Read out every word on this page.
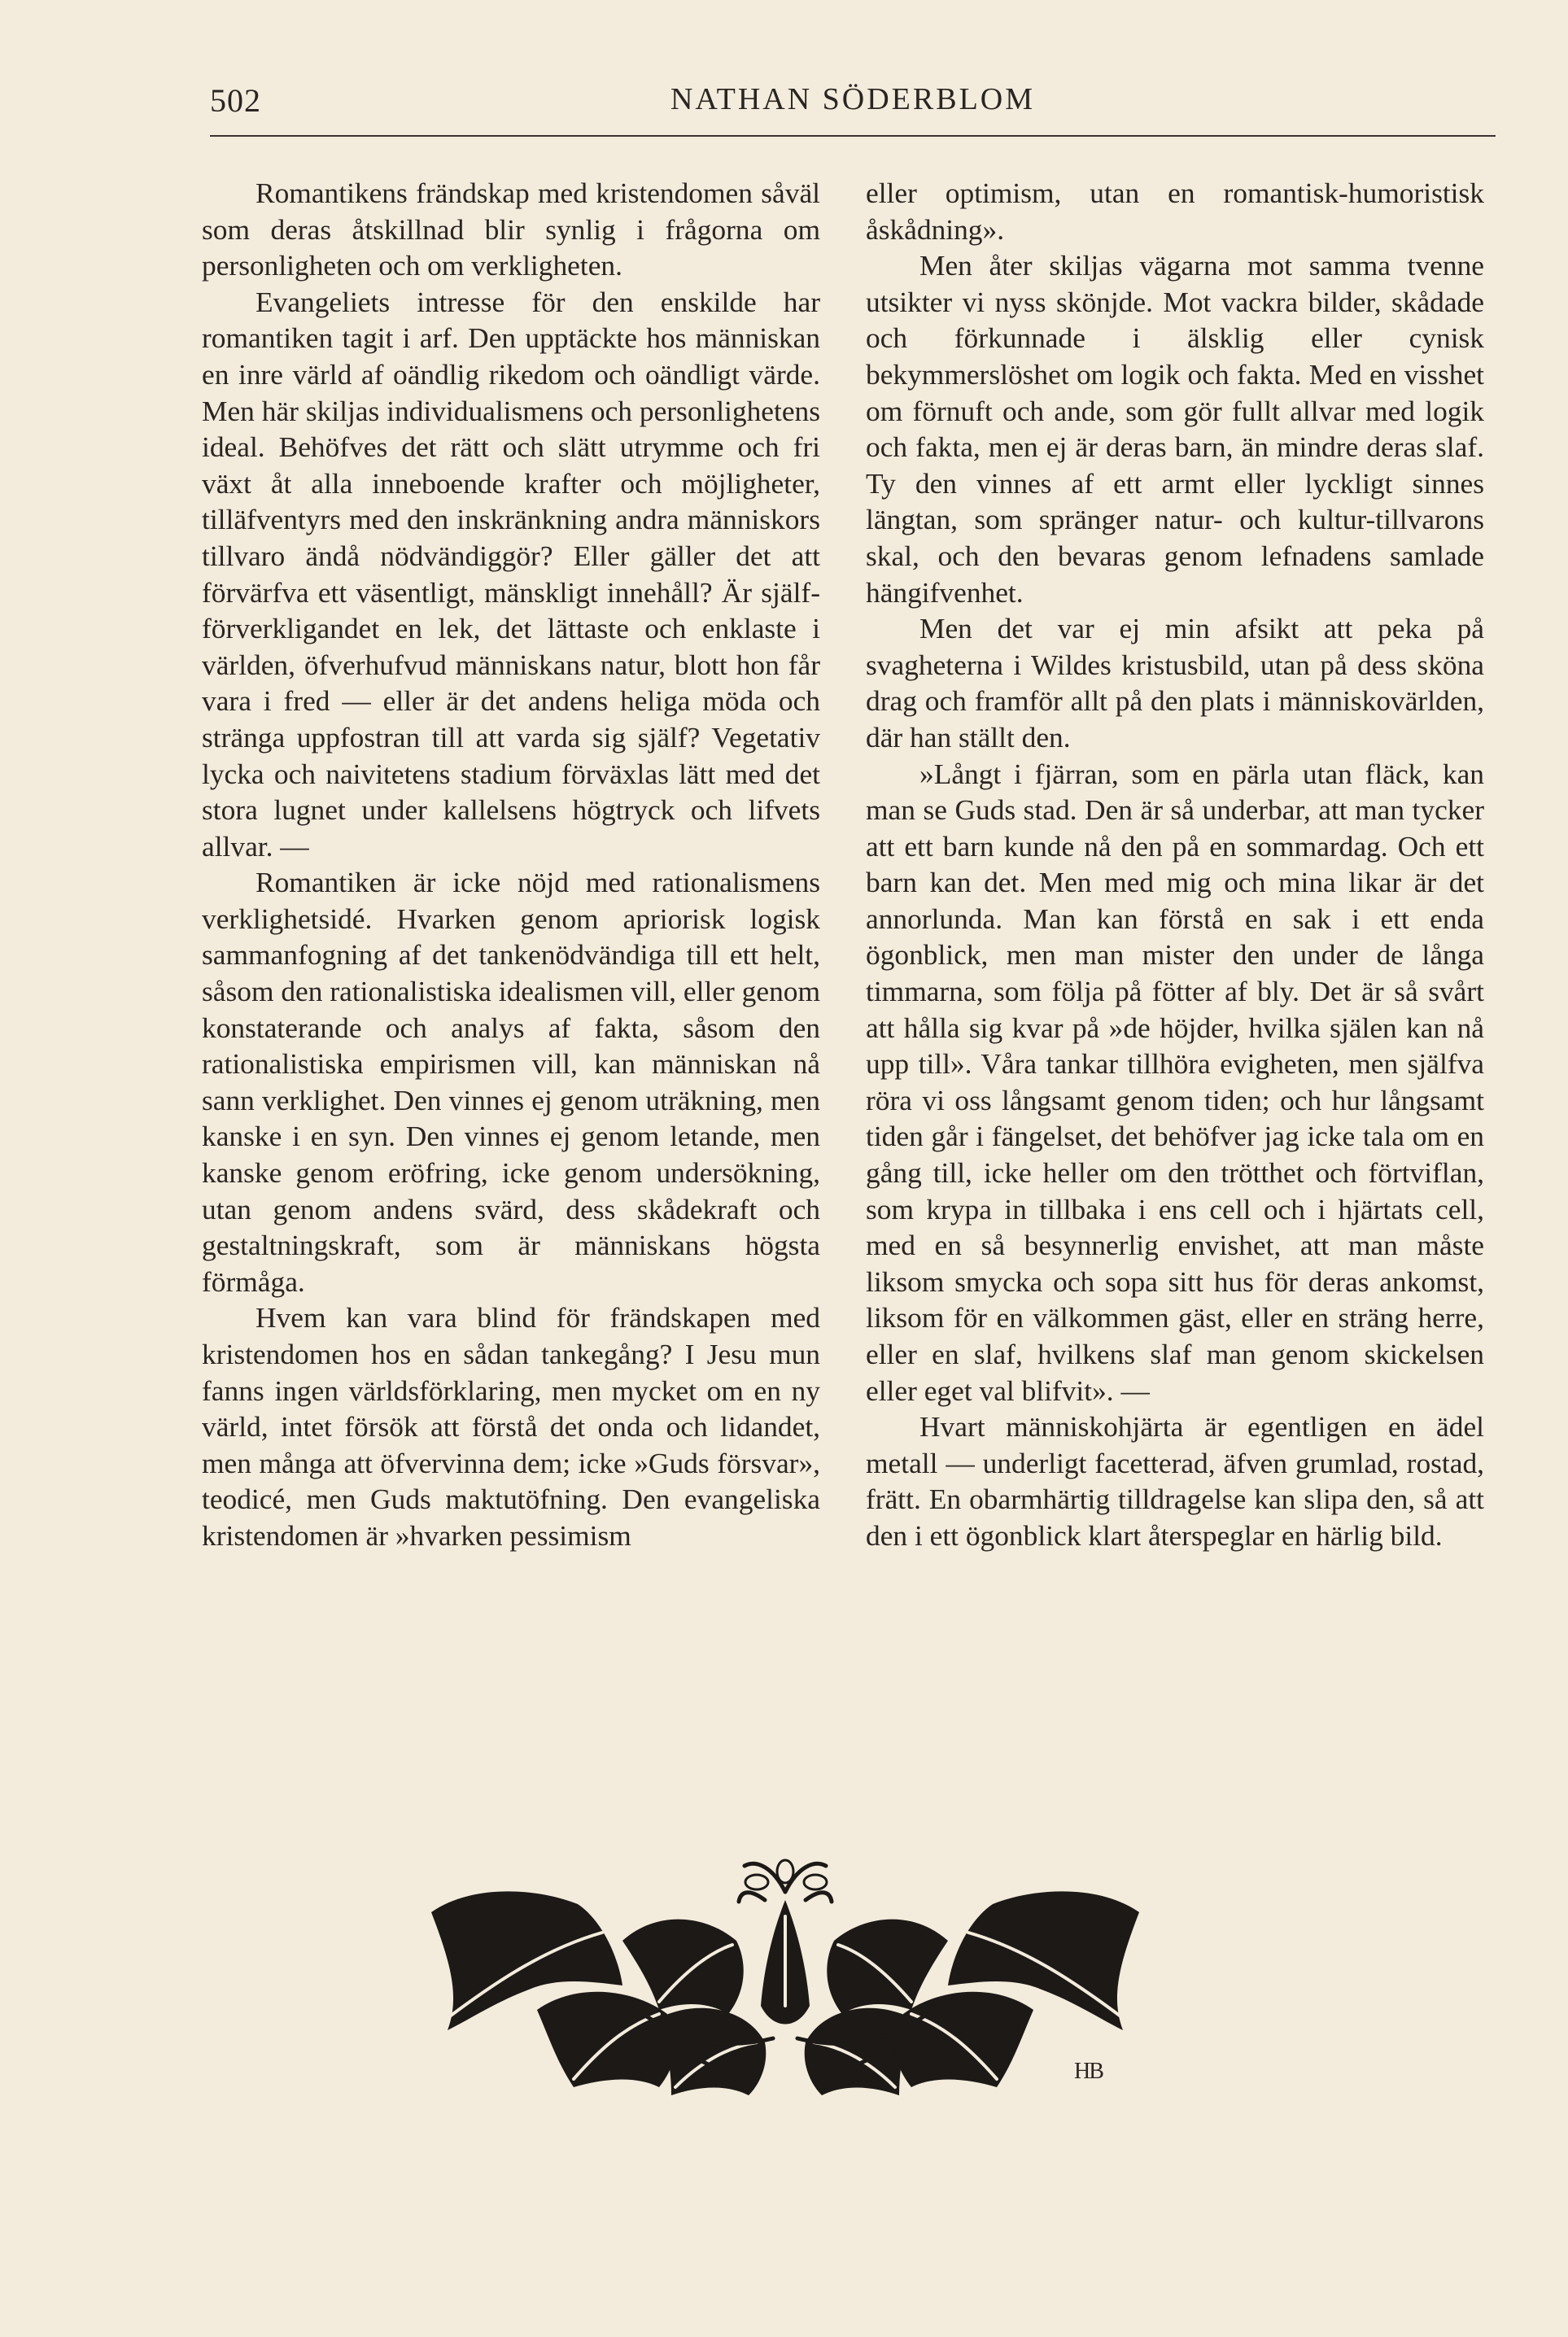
502	NATHAN SÖDERBLOM

Romantikens frändskap med kristendomen såväl som deras åtskillnad blir synlig i frågorna om personligheten och om verkligheten.

Evangeliets intresse för den enskilde har romantiken tagit i arf. Den upptäckte hos människan en inre värld af oändlig rikedom och oändligt värde. Men här skiljas individualismens och personlighetens ideal. Behöfves det rätt och slätt utrymme och fri växt åt alla inneboende krafter och möjligheter, tilläfventyrs med den inskränkning andra människors tillvaro ändå nödvändiggör? Eller gäller det att förvärfva ett väsentligt, mänskligt innehåll? Är själfförverkligandet en lek, det lättaste och enklaste i världen, öfverhufvud människans natur, blott hon får vara i fred — eller är det andens heliga möda och stränga uppfostran till att varda sig själf? Vegetativ lycka och naivitetens stadium förväxlas lätt med det stora lugnet under kallelsens högtryck och lifvets allvar. —

Romantiken är icke nöjd med rationalismens verklighetsidé. Hvarken genom apriorisk logisk sammanfogning af det tankenödvändiga till ett helt, såsom den rationalistiska idealismen vill, eller genom konstaterande och analys af fakta, såsom den rationalistiska empirismen vill, kan människan nå sann verklighet. Den vinnes ej genom uträkning, men kanske i en syn. Den vinnes ej genom letande, men kanske genom eröfring, icke genom undersökning, utan genom andens svärd, dess skådekraft och gestaltningskraft, som är människans högsta förmåga.

Hvem kan vara blind för frändskapen med kristendomen hos en sådan tankegång? I Jesu mun fanns ingen världsförklaring, men mycket om en ny värld, intet försök att förstå det onda och lidandet, men många att öfvervinna dem; icke »Guds försvar», teodicé, men Guds maktutöfning. Den evangeliska kristendomen är »hvarken pessimism

eller optimism, utan en romantisk-humoristisk åskådning».

Men åter skiljas vägarna mot samma tvenne utsikter vi nyss skönjde. Mot vackra bilder, skådade och förkunnade i älsklig eller cynisk bekymmerslöshet om logik och fakta. Med en visshet om förnuft och ande, som gör fullt allvar med logik och fakta, men ej är deras barn, än mindre deras slaf. Ty den vinnes af ett armt eller lyckligt sinnes längtan, som spränger natur- och kultur-tillvarons skal, och den bevaras genom lefnadens samlade hängifvenhet.

Men det var ej min afsikt att peka på svagheterna i Wildes kristusbild, utan på dess sköna drag och framför allt på den plats i människovärlden, där han ställt den.

»Långt i fjärran, som en pärla utan fläck, kan man se Guds stad. Den är så underbar, att man tycker att ett barn kunde nå den på en sommardag. Och ett barn kan det. Men med mig och mina likar är det annorlunda. Man kan förstå en sak i ett enda ögonblick, men man mister den under de långa timmarna, som följa på fötter af bly. Det är så svårt att hålla sig kvar på »de höjder, hvilka själen kan nå upp till». Våra tankar tillhöra evigheten, men själfva röra vi oss långsamt genom tiden; och hur långsamt tiden går i fängelset, det behöfver jag icke tala om en gång till, icke heller om den trötthet och förtviflan, som krypa in tillbaka i ens cell och i hjärtats cell, med en så besynnerlig envishet, att man måste liksom smycka och sopa sitt hus för deras ankomst, liksom för en välkommen gäst, eller en sträng herre, eller en slaf, hvilkens slaf man genom skickelsen eller eget val blifvit». —

Hvart människohjärta är egentligen en ädel metall — underligt facetterad, äfven grumlad, rostad, frätt. En obarmhärtig tilldragelse kan slipa den, så att den i ett ögonblick klart återspeglar en härlig bild.

HB
